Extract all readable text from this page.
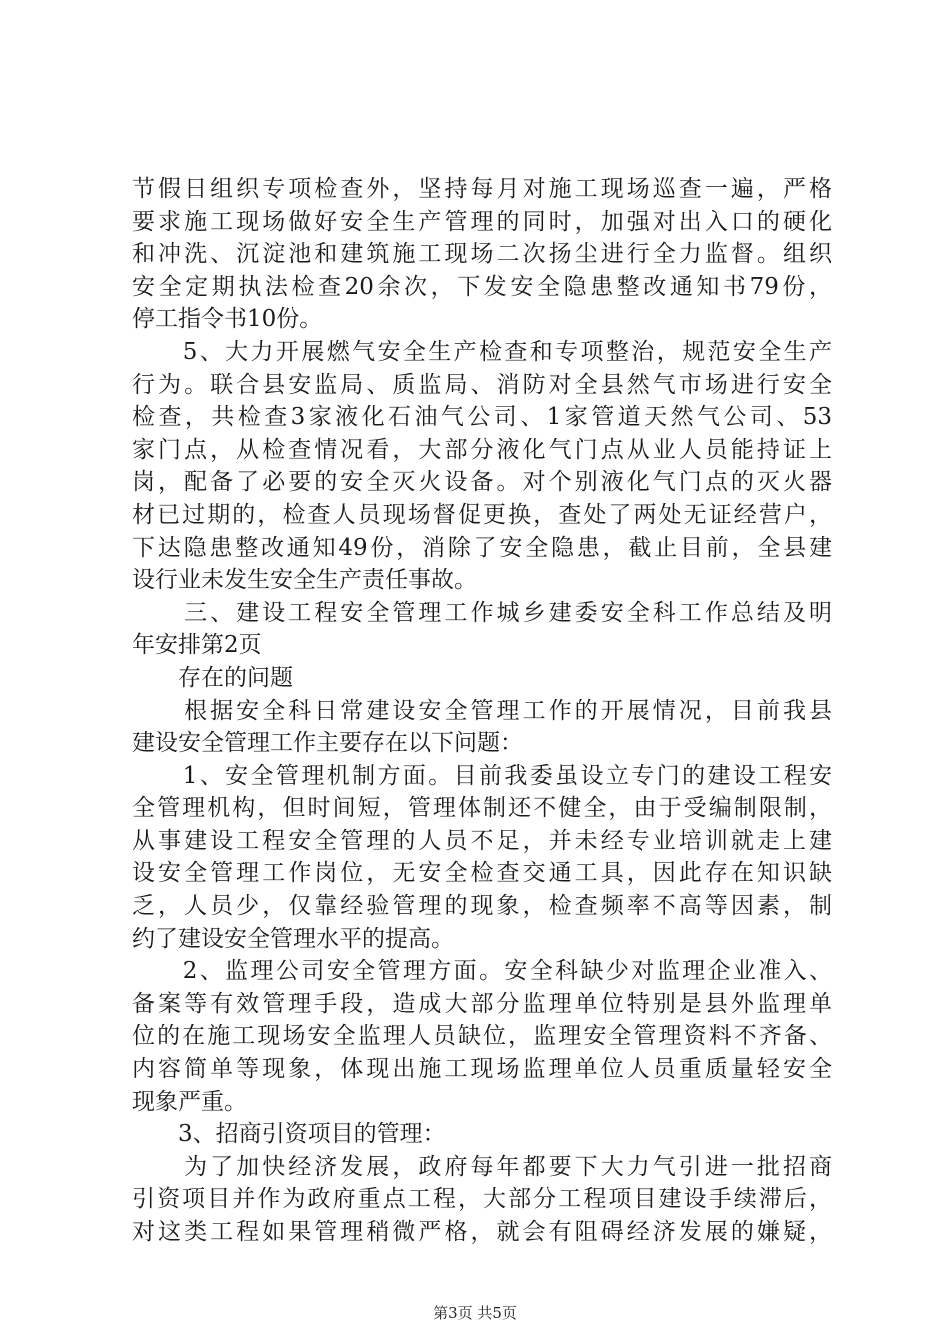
节假日组织专项检查外，坚持每月对施工现场巡查一遍，严格
要求施工现场做好安全生产管理的同时，加强对出入口的硬化
和冲洗、沉淀池和建筑施工现场二次扬尘进行全力监督。组织
安全定期执法检查20余次，下发安全隐患整改通知书79份，
停工指令书10份。
　　5、大力开展燃气安全生产检查和专项整治，规范安全生产
行为。联合县安监局、质监局、消防对全县然气市场进行安全
检查，共检查3家液化石油气公司、1家管道天然气公司、53
家门点，从检查情况看，大部分液化气门点从业人员能持证上
岗，配备了必要的安全灭火设备。对个别液化气门点的灭火器
材已过期的，检查人员现场督促更换，查处了两处无证经营户，
下达隐患整改通知49份，消除了安全隐患，截止目前，全县建
设行业未发生安全生产责任事故。
　　三、建设工程安全管理工作城乡建委安全科工作总结及明
年安排第2页
　　存在的问题
　　根据安全科日常建设安全管理工作的开展情况，目前我县
建设安全管理工作主要存在以下问题：
　　1、安全管理机制方面。目前我委虽设立专门的建设工程安
全管理机构，但时间短，管理体制还不健全，由于受编制限制，
从事建设工程安全管理的人员不足，并未经专业培训就走上建
设安全管理工作岗位，无安全检查交通工具，因此存在知识缺
乏，人员少，仅靠经验管理的现象，检查频率不高等因素，制
约了建设安全管理水平的提高。
　　2、监理公司安全管理方面。安全科缺少对监理企业准入、
备案等有效管理手段，造成大部分监理单位特别是县外监理单
位的在施工现场安全监理人员缺位，监理安全管理资料不齐备、
内容简单等现象，体现出施工现场监理单位人员重质量轻安全
现象严重。
　　3、招商引资项目的管理：
　　为了加快经济发展，政府每年都要下大力气引进一批招商
引资项目并作为政府重点工程，大部分工程项目建设手续滞后，
对这类工程如果管理稍微严格，就会有阻碍经济发展的嫌疑，
第3页 共5页
